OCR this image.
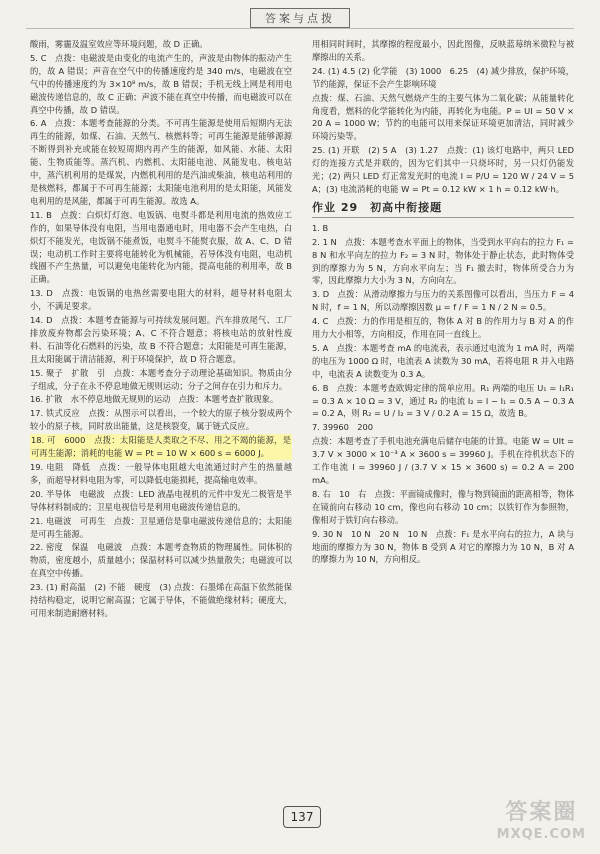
答案与点拨

酸雨，雾霾及温室效应等环境问题，故 D 正确。

5. C　点拨：电磁波是由变化的电流产生的，声波是由物体的振动产生的，故 A 错误；声音在空气中的传播速度约是 340 m/s，电磁波在空气中的传播速度约为 3×10⁸ m/s，故 B 错误；手机无线上网是利用电磁波传递信息的，故 C 正确；声波不能在真空中传播，而电磁波可以在真空中传播，故 D 错误。

6. A　点拨：本题考查能源的分类。不可再生能源是使用后短期内无法再生的能源，如煤、石油、天然气、核燃料等；可再生能源是能够源源不断得到补充或能在较短周期内再产生的能源，如风能、水能、太阳能、生物质能等。蒸汽机、内燃机、太阳能电池、风能发电、核电站中，蒸汽机利用的是煤炭，内燃机利用的是汽油或柴油，核电站利用的是核燃料，都属于不可再生能源；太阳能电池利用的是太阳能，风能发电利用的是风能，都属于可再生能源。故选 A。

11. B　点拨：白炽灯灯泡、电饭锅、电熨斗都是利用电流的热效应工作的，如果导体没有电阻，当用电器通电时，用电器不会产生电热，白炽灯不能发光，电饭锅不能煮饭，电熨斗不能熨衣服，故 A、C、D 错误；电动机工作时主要将电能转化为机械能，若导体没有电阻，电动机线圈不产生热量，可以避免电能转化为内能，提高电能的利用率，故 B 正确。

13. D　点拨：电饭锅的电热丝需要电阻大的材料，超导材料电阻太小，不满足要求。

14. D　点拨：本题考查能源与可持续发展问题。汽车排放尾气、工厂排放废弃物都会污染环境；A、C 不符合题意；将核电站的放射性废料、石油等化石燃料的污染，故 B 不符合题意；太阳能是可再生能源，且太阳能属于清洁能源，利于环境保护，故 D 符合题意。

15. 聚子　扩散　引　点拨：本题考查分子动理论基础知识。物质由分子组成，分子在永不停息地做无规则运动；分子之间存在引力和斥力。

16. 扩散　水不停息地做无规则的运动　点拨：本题考查扩散现象。

17. 铁式反应　点拨：从图示可以看出，一个较大的原子核分裂成两个较小的原子核，同时放出能量，这是核裂变，属于链式反应。

18. 可　6000　点拨：太阳能是人类取之不尽、用之不竭的能源，是可再生能源；消耗的电能 W = Pt = 10 W × 600 s = 6000 J。

19. 电阻　降低　点拨：一般导体电阻越大电流通过时产生的热量越多，而超导材料电阻为零，可以降低电能损耗，提高输电效率。

20. 半导体　电磁波　点拨：LED 液晶电视机的元件中发光二极管是半导体材料制成的；卫星电视信号是利用电磁波传递信息的。

21. 电磁波　可再生　点拨：卫星通信是靠电磁波传递信息的；太阳能是可再生能源。

22. 密度　保温　电磁波　点拨：本题考查物质的物理属性。同体积的物质，密度越小，质量越小；保温材料可以减少热量散失；电磁波可以在真空中传播。

23. (1) 耐高温　(2) 不能　硬度　(3) 点拨：石墨烯在高温下依然能保持结构稳定，说明它耐高温；它属于导体，不能做绝缘材料；硬度大，可用来制造耐磨材料。

用相同时间时，其摩擦的程度最小，因此图像，反映蓝莓纳米微粒与被摩擦出的关系。

24. (1) 4.5 (2) 化学能　(3) 1000　6.25　(4) 减少排放，保护环境，节约能源，保证不会产生影响环境

点拨：煤、石油、天然气燃烧产生的主要气体为二氧化碳；从能量转化角度看，燃料的化学能转化为内能，再转化为电能。P = UI = 50 V × 20 A = 1000 W；节约的电能可以用来保证环境更加清洁，同时减少环境污染等。

25. (1) 开联　(2) 5 A　(3) 1.27　点拨：(1) 该灯电路中，两只 LED 灯的连接方式是并联的，因为它们其中一只烧坏时，另一只灯仍能发光；(2) 两只 LED 灯正常发光时的电流 I = P/U = 120 W / 24 V = 5 A；(3) 电流消耗的电能 W = Pt = 0.12 kW × 1 h = 0.12 kW·h。

作业 29　初高中衔接题

1. B

2. 1 N　点拨：本题考查水平面上的物体，当受到水平向右的拉力 F₁ = 8 N 和水平向左的拉力 F₂ = 3 N 时，物体处于静止状态，此时物体受到的摩擦力为 5 N，方向水平向左；当 F₁ 撤去时，物体所受合力为零，因此摩擦力大小为 3 N，方向向左。

3. D　点拨：从滑动摩擦力与压力的关系图像可以看出，当压力 F = 4 N 时，f = 1 N，所以动摩擦因数 μ = f / F = 1 N / 2 N = 0.5。

4. C　点拨：力的作用是相互的，物体 A 对 B 的作用力与 B 对 A 的作用力大小相等，方向相反，作用在同一直线上。

5. A　点拨：本题考查 mA 的电流表，表示通过电流为 1 mA 时，两端的电压为 1000 Ω 时，电流表 A 读数为 30 mA，若将电阻 R 并入电路中，电流表 A 读数变为 0.3 A。

6. B　点拨：本题考查欧姆定律的简单应用。R₁ 两端的电压 U₁ = I₁R₁ = 0.3 A × 10 Ω = 3 V，通过 R₂ 的电流 I₂ = I − I₁ = 0.5 A − 0.3 A = 0.2 A，则 R₂ = U / I₂ = 3 V / 0.2 A = 15 Ω，故选 B。

7. 39960　200

点拨：本题考查了手机电池充满电后储存电能的计算。电能 W = UIt = 3.7 V × 3000 × 10⁻³ A × 3600 s = 39960 J。手机在待机状态下的工作电流 I = 39960 J / (3.7 V × 15 × 3600 s) = 0.2 A = 200 mA。

8. 右　10　右　点拨：平面镜成像时，像与物到镜面的距离相等，物体在镜前向右移动 10 cm，像也向右移动 10 cm；以铁钉作为参照物，像相对于铁钉向右移动。

9. 30 N　10 N　20 N　10 N　点拨：F₁ 是水平向右的拉力，A 块与地面的摩擦力为 30 N，物体 B 受到 A 对它的摩擦力为 10 N，B 对 A 的摩擦力为 10 N，方向相反。

137	答案圈
MXQE.COM
